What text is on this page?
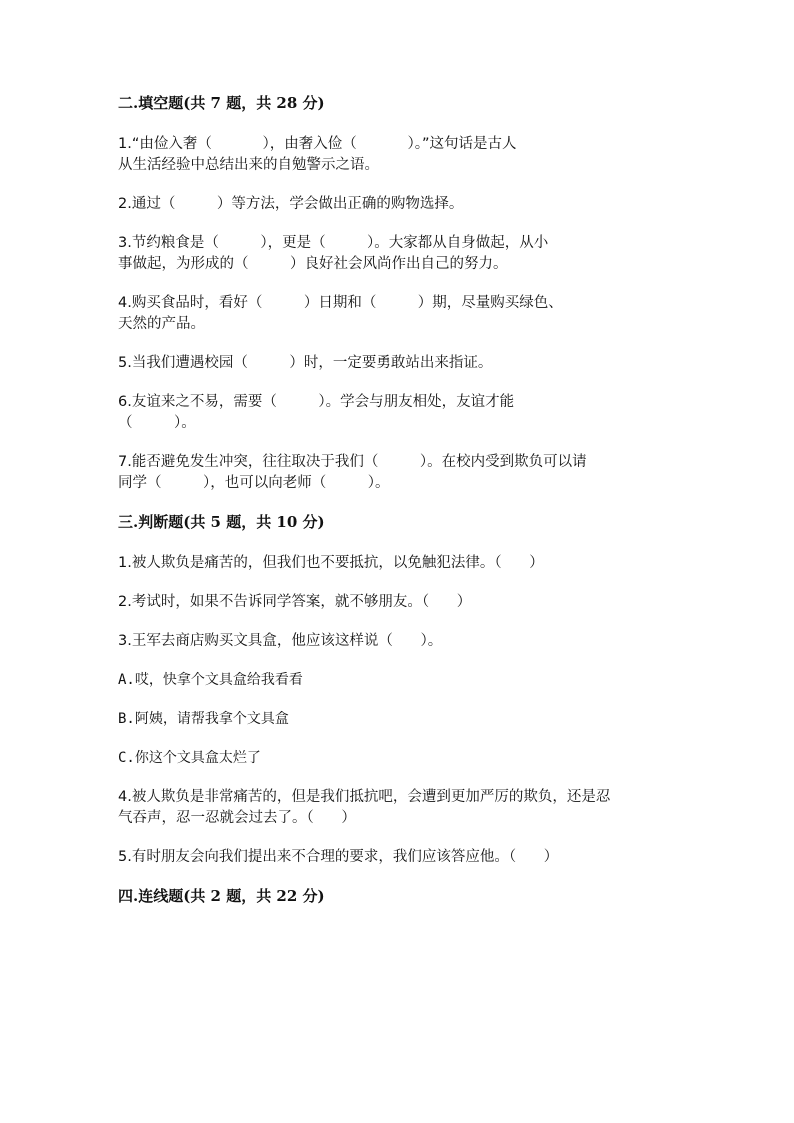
二.填空题(共 7 题，共 28 分)

1.“由俭入奢（           ），由奢入俭（           ）。”这句话是古人

从生活经验中总结出来的自勉警示之语。

2.通过（         ）等方法，学会做出正确的购物选择。

3.节约粮食是（         ），更是（         ）。大家都从自身做起，从小

事做起，为形成的（         ）良好社会风尚作出自己的努力。

4.购买食品时，看好（         ）日期和（         ）期，尽量购买绿色、

天然的产品。

5.当我们遭遇校园（         ）时，一定要勇敢站出来指证。

6.友谊来之不易，需要（         ）。学会与朋友相处，友谊才能

（         ）。

7.能否避免发生冲突，往往取决于我们（         ）。在校内受到欺负可以请

同学（         ），也可以向老师（         ）。

三.判断题(共 5 题，共 10 分)

1.被人欺负是痛苦的，但我们也不要抵抗，以免触犯法律。（      ）

2.考试时，如果不告诉同学答案，就不够朋友。（      ）

3.王军去商店购买文具盒，他应该这样说（      ）。

A.哎，快拿个文具盒给我看看

B.阿姨，请帮我拿个文具盒

C.你这个文具盒太烂了

4.被人欺负是非常痛苦的，但是我们抵抗吧，会遭到更加严厉的欺负，还是忍

气吞声，忍一忍就会过去了。（      ）

5.有时朋友会向我们提出来不合理的要求，我们应该答应他。（      ）

四.连线题(共 2 题，共 22 分)
